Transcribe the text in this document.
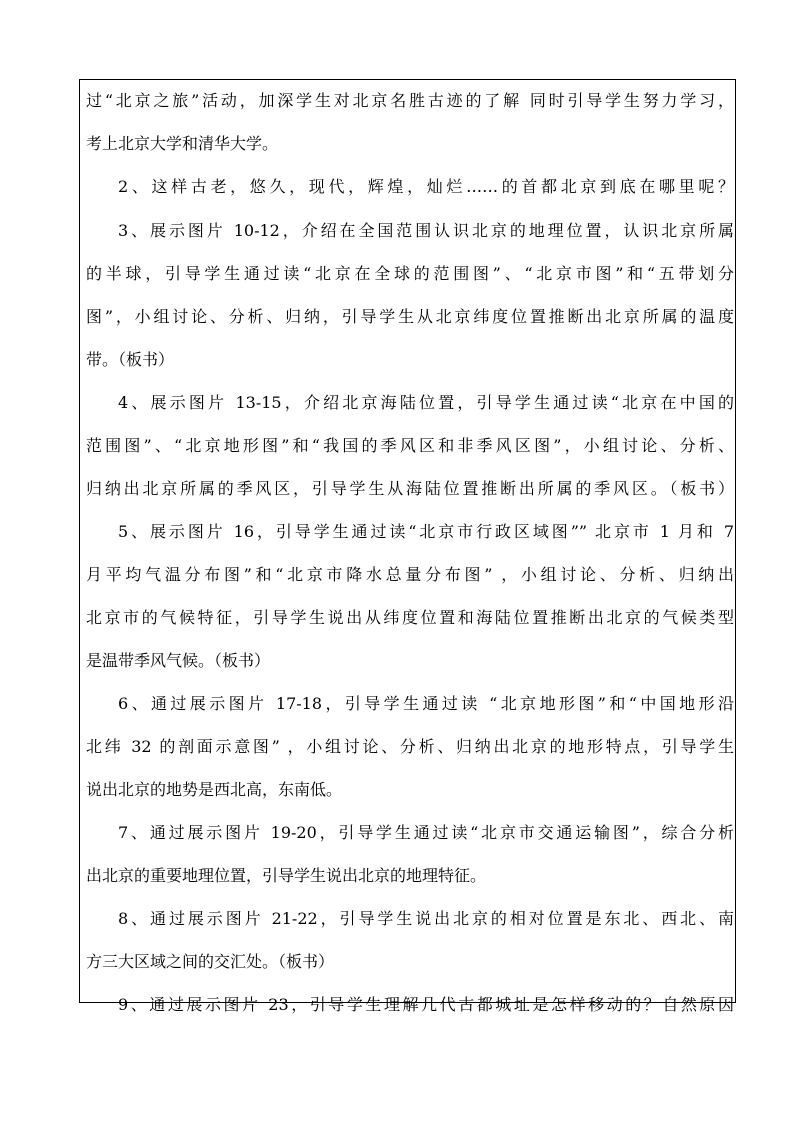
过“北京之旅”活动，加深学生对北京名胜古迹的了解 同时引导学生努力学习，
考上北京大学和清华大学。
2、这样古老，悠久，现代，辉煌，灿烂……的首都北京到底在哪里呢？
3、展示图片 10-12，介绍在全国范围认识北京的地理位置，认识北京所属
的半球，引导学生通过读“北京在全球的范围图”、“北京市图”和“五带划分
图”，小组讨论、分析、归纳，引导学生从北京纬度位置推断出北京所属的温度
带。（板书）
4、展示图片 13-15，介绍北京海陆位置，引导学生通过读“北京在中国的
范围图”、“北京地形图”和“我国的季风区和非季风区图”，小组讨论、分析、
归纳出北京所属的季风区，引导学生从海陆位置推断出所属的季风区。（板书）
5、展示图片 16，引导学生通过读“北京市行政区域图”” 北京市 1 月和 7
月平均气温分布图”和“北京市降水总量分布图” ，小组讨论、分析、归纳出
北京市的气候特征，引导学生说出从纬度位置和海陆位置推断出北京的气候类型
是温带季风气候。（板书）
6、通过展示图片 17-18，引导学生通过读 “北京地形图”和“中国地形沿
北纬 32 的剖面示意图” ，小组讨论、分析、归纳出北京的地形特点，引导学生
说出北京的地势是西北高，东南低。
7、通过展示图片 19-20，引导学生通过读“北京市交通运输图”，综合分析
出北京的重要地理位置，引导学生说出北京的地理特征。
8、通过展示图片 21-22，引导学生说出北京的相对位置是东北、西北、南
方三大区域之间的交汇处。（板书）
9、通过展示图片 23，引导学生理解几代古都城址是怎样移动的？自然原因
